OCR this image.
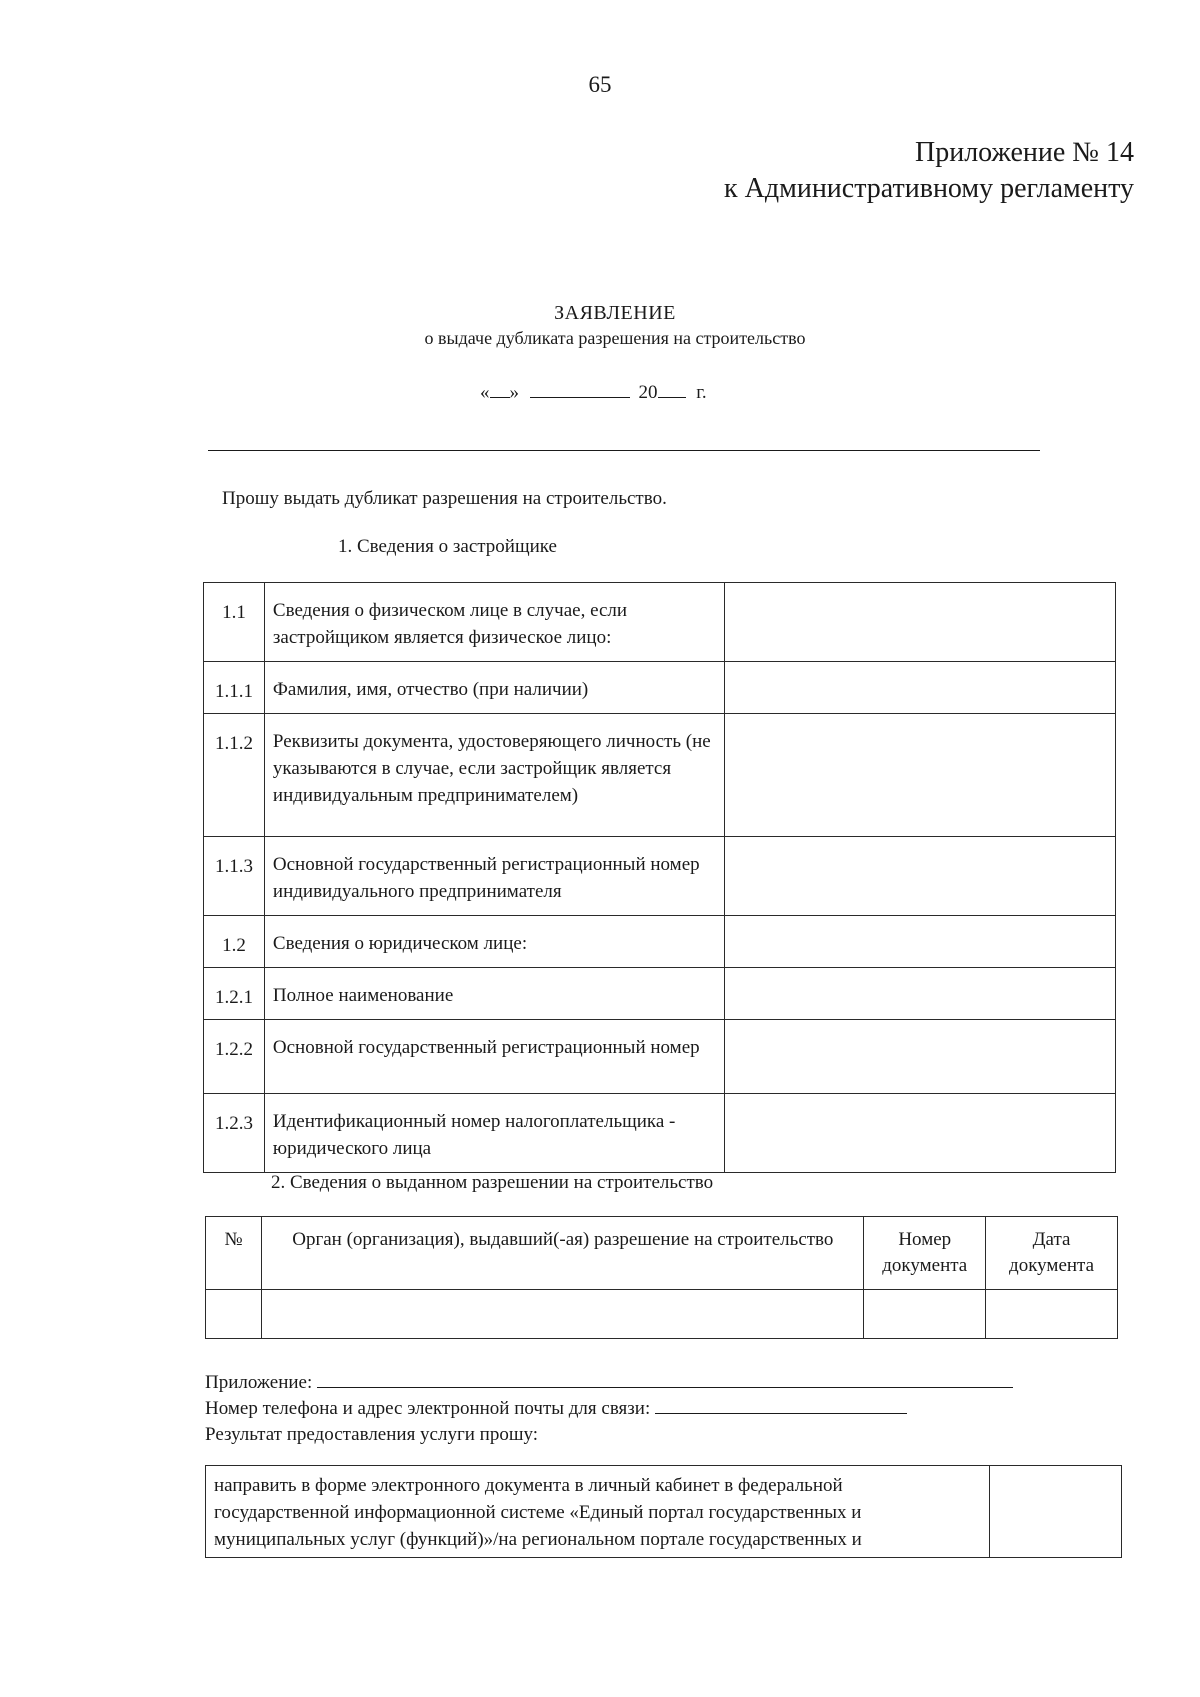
65
Приложение № 14
к Административному регламенту
ЗАЯВЛЕНИЕ
о выдаче дубликата разрешения на строительство
« »	20 г.
Прошу выдать дубликат разрешения на строительство.
1. Сведения о застройщике
1.1	Сведения о физическом лице в случае, если застройщиком является физическое лицо:	
1.1.1	Фамилия, имя, отчество (при наличии)	
1.1.2	Реквизиты документа, удостоверяющего личность (не указываются в случае, если застройщик является индивидуальным предпринимателем)	
1.1.3	Основной государственный регистрационный номер индивидуального предпринимателя	
1.2	Сведения о юридическом лице:	
1.2.1	Полное наименование	
1.2.2	Основной государственный регистрационный номер	
1.2.3	Идентификационный номер налогоплательщика - юридического лица	
2. Сведения о выданном разрешении на строительство
№	Орган (организация), выдавший(-ая) разрешение на строительство	Номер документа	Дата документа

Приложение:
Номер телефона и адрес электронной почты для связи:
Результат предоставления услуги прошу:
направить в форме электронного документа в личный кабинет в федеральной государственной информационной системе «Единый портал государственных и муниципальных услуг (функций)»/на региональном портале государственных и	
